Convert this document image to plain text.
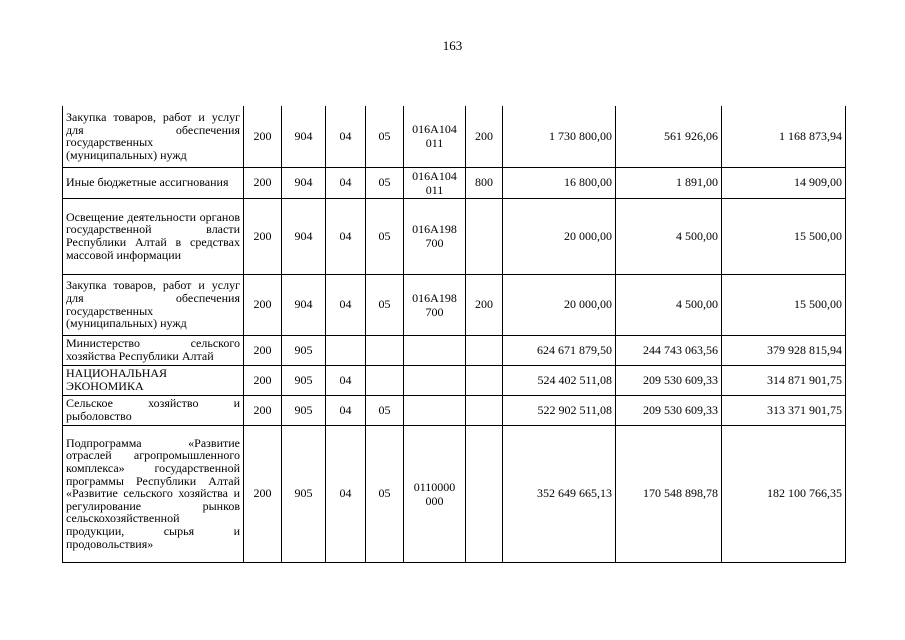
163
Закупка товаров, работ и услуг для обеспечения государственных (муниципальных) нужд	200	904	04	05	016A104 011	200	1 730 800,00	561 926,06	1 168 873,94
Иные бюджетные ассигнования	200	904	04	05	016A104 011	800	16 800,00	1 891,00	14 909,00
Освещение деятельности органов государственной власти Республики Алтай в средствах массовой информации	200	904	04	05	016A198 700		20 000,00	4 500,00	15 500,00
Закупка товаров, работ и услуг для обеспечения государственных (муниципальных) нужд	200	904	04	05	016A198 700	200	20 000,00	4 500,00	15 500,00
Министерство сельского хозяйства Республики Алтай	200	905					624 671 879,50	244 743 063,56	379 928 815,94
НАЦИОНАЛЬНАЯ ЭКОНОМИКА	200	905	04				524 402 511,08	209 530 609,33	314 871 901,75
Сельское хозяйство и рыболовство	200	905	04	05			522 902 511,08	209 530 609,33	313 371 901,75
Подпрограмма «Развитие отраслей агропромышленного комплекса» государственной программы Республики Алтай «Развитие сельского хозяйства и регулирование рынков сельскохозяйственной продукции, сырья и продовольствия»	200	905	04	05	0110000 000		352 649 665,13	170 548 898,78	182 100 766,35
